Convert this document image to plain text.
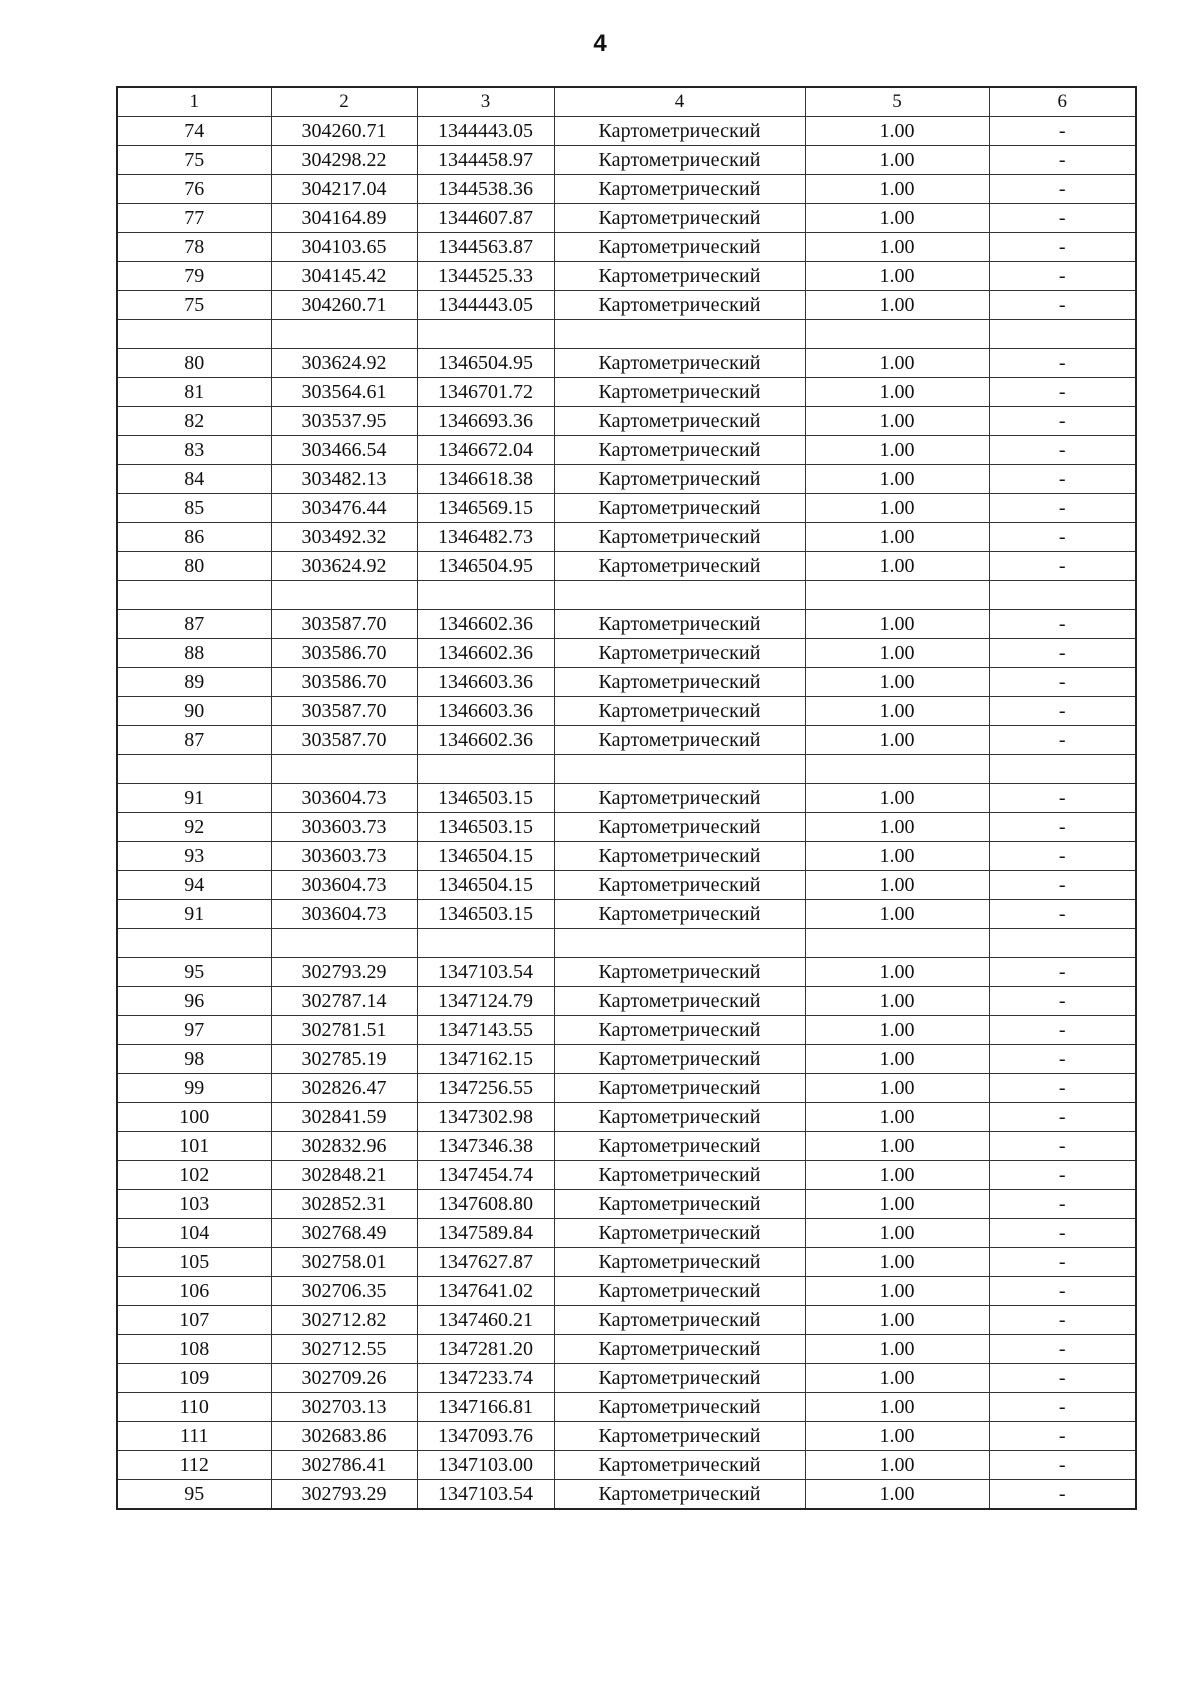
4
1	2	3	4	5	6
74	304260.71	1344443.05	Картометрический	1.00	-
75	304298.22	1344458.97	Картометрический	1.00	-
76	304217.04	1344538.36	Картометрический	1.00	-
77	304164.89	1344607.87	Картометрический	1.00	-
78	304103.65	1344563.87	Картометрический	1.00	-
79	304145.42	1344525.33	Картометрический	1.00	-
75	304260.71	1344443.05	Картометрический	1.00	-

80	303624.92	1346504.95	Картометрический	1.00	-
81	303564.61	1346701.72	Картометрический	1.00	-
82	303537.95	1346693.36	Картометрический	1.00	-
83	303466.54	1346672.04	Картометрический	1.00	-
84	303482.13	1346618.38	Картометрический	1.00	-
85	303476.44	1346569.15	Картометрический	1.00	-
86	303492.32	1346482.73	Картометрический	1.00	-
80	303624.92	1346504.95	Картометрический	1.00	-

87	303587.70	1346602.36	Картометрический	1.00	-
88	303586.70	1346602.36	Картометрический	1.00	-
89	303586.70	1346603.36	Картометрический	1.00	-
90	303587.70	1346603.36	Картометрический	1.00	-
87	303587.70	1346602.36	Картометрический	1.00	-

91	303604.73	1346503.15	Картометрический	1.00	-
92	303603.73	1346503.15	Картометрический	1.00	-
93	303603.73	1346504.15	Картометрический	1.00	-
94	303604.73	1346504.15	Картометрический	1.00	-
91	303604.73	1346503.15	Картометрический	1.00	-

95	302793.29	1347103.54	Картометрический	1.00	-
96	302787.14	1347124.79	Картометрический	1.00	-
97	302781.51	1347143.55	Картометрический	1.00	-
98	302785.19	1347162.15	Картометрический	1.00	-
99	302826.47	1347256.55	Картометрический	1.00	-
100	302841.59	1347302.98	Картометрический	1.00	-
101	302832.96	1347346.38	Картометрический	1.00	-
102	302848.21	1347454.74	Картометрический	1.00	-
103	302852.31	1347608.80	Картометрический	1.00	-
104	302768.49	1347589.84	Картометрический	1.00	-
105	302758.01	1347627.87	Картометрический	1.00	-
106	302706.35	1347641.02	Картометрический	1.00	-
107	302712.82	1347460.21	Картометрический	1.00	-
108	302712.55	1347281.20	Картометрический	1.00	-
109	302709.26	1347233.74	Картометрический	1.00	-
110	302703.13	1347166.81	Картометрический	1.00	-
111	302683.86	1347093.76	Картометрический	1.00	-
112	302786.41	1347103.00	Картометрический	1.00	-
95	302793.29	1347103.54	Картометрический	1.00	-
